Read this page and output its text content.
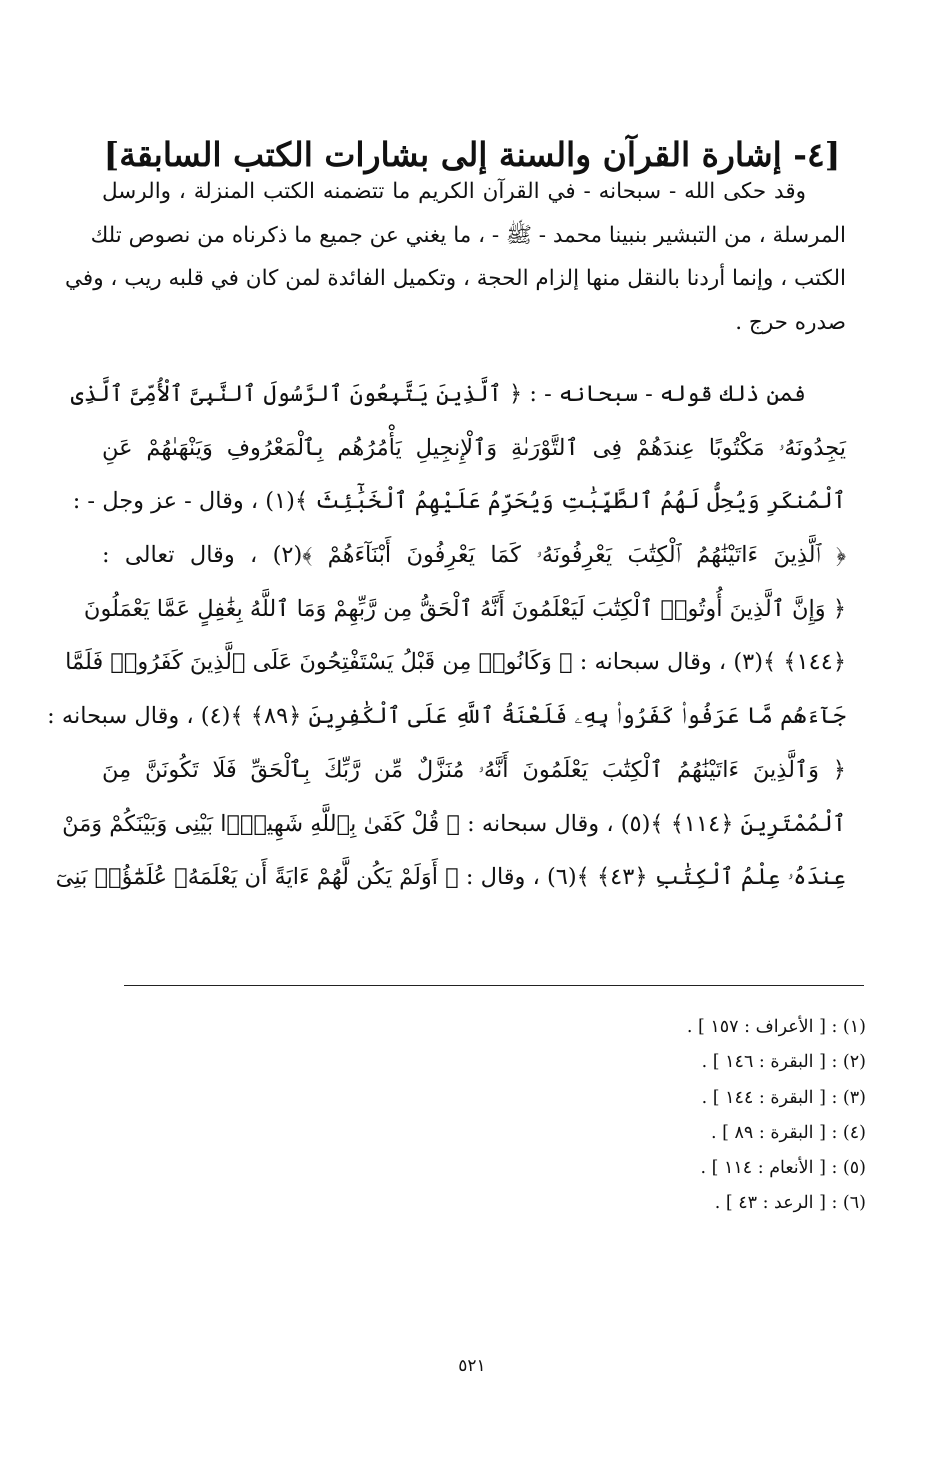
[٤- إشارة القرآن والسنة إلى بشارات الكتب السابقة]
وقد حكى الله - سبحانه - في القرآن الكريم ما تتضمنه الكتب المنزلة ، والرسل
المرسلة ، من التبشير بنبينا محمد - ﷺ - ، ما يغني عن جميع ما ذكرناه من نصوص تلك
الكتب ، وإنما أردنا بالنقل منها إلزام الحجة ، وتكميل الفائدة لمن كان في قلبه ريب ، وفي
صدره حرج .
فمن ذلك قوله - سبحانه - : ﴿ ٱلَّذِينَ يَتَّبِعُونَ ٱلرَّسُولَ ٱلنَّبِىَّ ٱلْأُمِّىَّ ٱلَّذِى
يَجِدُونَهُۥ مَكْتُوبًا عِندَهُمْ فِى ٱلتَّوْرَىٰةِ وَٱلْإِنجِيلِ يَأْمُرُهُم بِٱلْمَعْرُوفِ وَيَنْهَىٰهُمْ عَنِ
ٱلْمُنكَرِ وَيُحِلُّ لَهُمُ ٱلطَّيِّبَٰتِ وَيُحَرِّمُ عَلَيْهِمُ ٱلْخَبَٰٓئِثَ ﴾(١) ، وقال - عز وجل - :
﴿ ٱلَّذِينَ ءَاتَيْنَٰهُمُ ٱلْكِتَٰبَ يَعْرِفُونَهُۥ كَمَا يَعْرِفُونَ أَبْنَآءَهُمْ ﴾(٢) ، وقال تعالى :
﴿ وَإِنَّ ٱلَّذِينَ أُوتُوا۟ ٱلْكِتَٰبَ لَيَعْلَمُونَ أَنَّهُ ٱلْحَقُّ مِن رَّبِّهِمْ وَمَا ٱللَّهُ بِغَٰفِلٍ عَمَّا يَعْمَلُونَ
﴿١٤٤﴾ ﴾(٣) ، وقال سبحانه : ﴿ وَكَانُوا۟ مِن قَبْلُ يَسْتَفْتِحُونَ عَلَى ٱلَّذِينَ كَفَرُوا۟ فَلَمَّا
جَآءَهُم مَّا عَرَفُوا۟ كَفَرُوا۟ بِهِۦ فَلَعْنَةُ ٱللَّهِ عَلَى ٱلْكَٰفِرِينَ ﴿٨٩﴾ ﴾(٤) ، وقال سبحانه :
﴿ وَٱلَّذِينَ ءَاتَيْنَٰهُمُ ٱلْكِتَٰبَ يَعْلَمُونَ أَنَّهُۥ مُنَزَّلٌ مِّن رَّبِّكَ بِٱلْحَقِّ فَلَا تَكُونَنَّ مِنَ
ٱلْمُمْتَرِينَ ﴿١١٤﴾ ﴾(٥) ، وقال سبحانه : ﴿ قُلْ كَفَىٰ بِٱللَّهِ شَهِيدًۢا بَيْنِى وَبَيْنَكُمْ وَمَنْ
عِندَهُۥ عِلْمُ ٱلْكِتَٰبِ ﴿٤٣﴾ ﴾(٦) ، وقال : ﴿ أَوَلَمْ يَكُن لَّهُمْ ءَايَةً أَن يَعْلَمَهُۥ عُلَمَٰٓؤُا۟ بَنِىٓ
(١) : [ الأعراف : ١٥٧ ] .
(٢) : [ البقرة : ١٤٦ ] .
(٣) : [ البقرة : ١٤٤ ] .
(٤) : [ البقرة : ٨٩ ] .
(٥) : [ الأنعام : ١١٤ ] .
(٦) : [ الرعد : ٤٣ ] .
٥٢١
